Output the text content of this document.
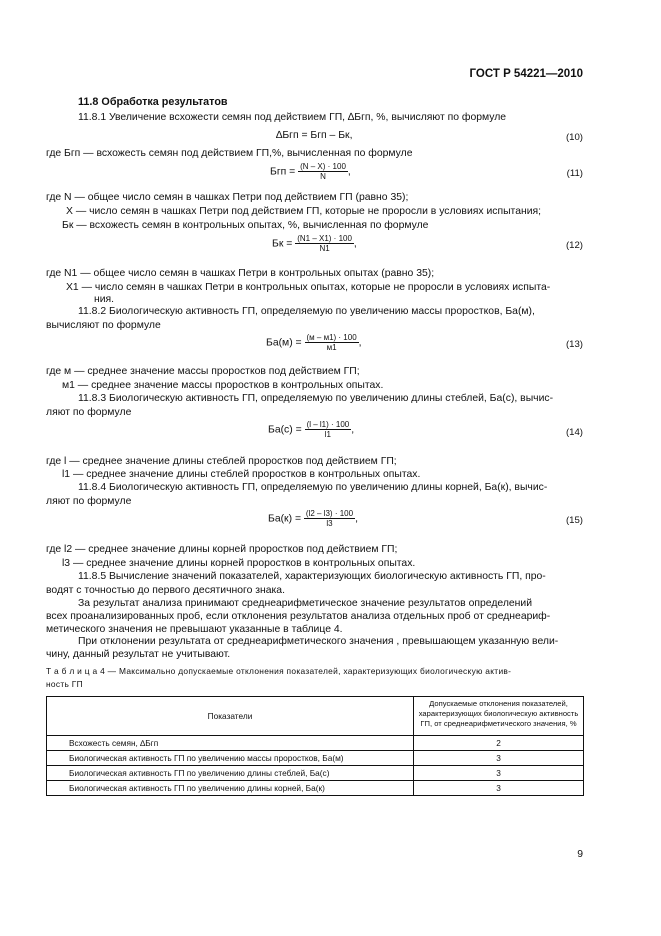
ГОСТ Р 54221—2010
11.8 Обработка результатов
11.8.1 Увеличение всхожести семян под действием ГП, ∆Бгп, %, вычисляют по формуле
∆Бгп = Бгп – Бк,	(10)
где Бгп — всхожесть семян под действием ГП,%, вычисленная по формуле
Бгп = $\frac{(N - X) \cdot 100}{N}$ ,	(11)
где N — общее число семян в чашках Петри под действием ГП (равно 35);
X — число семян в чашках Петри под действием ГП, которые не проросли в условиях испытания;
Бк — всхожесть семян в контрольных опытах, %, вычисленная по формуле
Бк = $\frac{(N1 - X1) \cdot 100}{N1}$ ,	(12)
где N1 — общее число семян в чашках Петри в контрольных опытах (равно 35);
X1 — число семян в чашках Петри в контрольных опытах, которые не проросли в условиях испыта-
ния.
11.8.2 Биологическую активность ГП, определяемую по увеличению массы проростков, Ба(м),
вычисляют по формуле
$Ба(м) = \frac{(м - м1) \cdot 100}{м1}$ ,	(13)
где м — среднее значение массы проростков под действием ГП;
м1 — среднее значение массы проростков в контрольных опытах.
11.8.3 Биологическую активность ГП, определяемую по увеличению длины стеблей, Ба(с), вычис-
ляют по формуле
$Ба(с) = \frac{(l - l1) \cdot 100}{l1}$ ,	(14)
где l — среднее значение длины стеблей проростков под действием ГП;
l1 — среднее значение длины стеблей проростков в контрольных опытах.
11.8.4 Биологическую активность ГП, определяемую по увеличению длины корней, Ба(к), вычис-
ляют по формуле
$Ба(к) = \frac{(l2 - l3) \cdot 100}{l3}$ ,	(15)
где l2 — среднее значение длины корней проростков под действием ГП;
l3 — среднее значение длины корней проростков в контрольных опытах.
11.8.5 Вычисление значений показателей, характеризующих биологическую активность ГП, про-
водят с точностью до первого десятичного знака.
За результат анализа принимают среднеарифметическое значение результатов определений
всех проанализированных проб, если отклонения результатов анализа отдельных проб от среднеариф-
метического значения не превышают указанные в таблице 4.
При отклонении результата от среднеарифметического значения , превышающем указанную вели-
чину, данный результат не учитывают.
Т а б л и ц а 4 — Максимально допускаемые отклонения показателей, характеризующих биологическую актив-
ность ГП
Показатели	Допускаемые отклонения показателей, характеризующих биологическую активность ГП, от среднеарифметического значения, %
Всхожесть семян, ∆Бгп	2
Биологическая активность ГП по увеличению массы проростков, Ба(м)	3
Биологическая активность ГП по увеличению длины стеблей, Ба(с)	3
Биологическая активность ГП по увеличению длины корней, Ба(к)	3
9
